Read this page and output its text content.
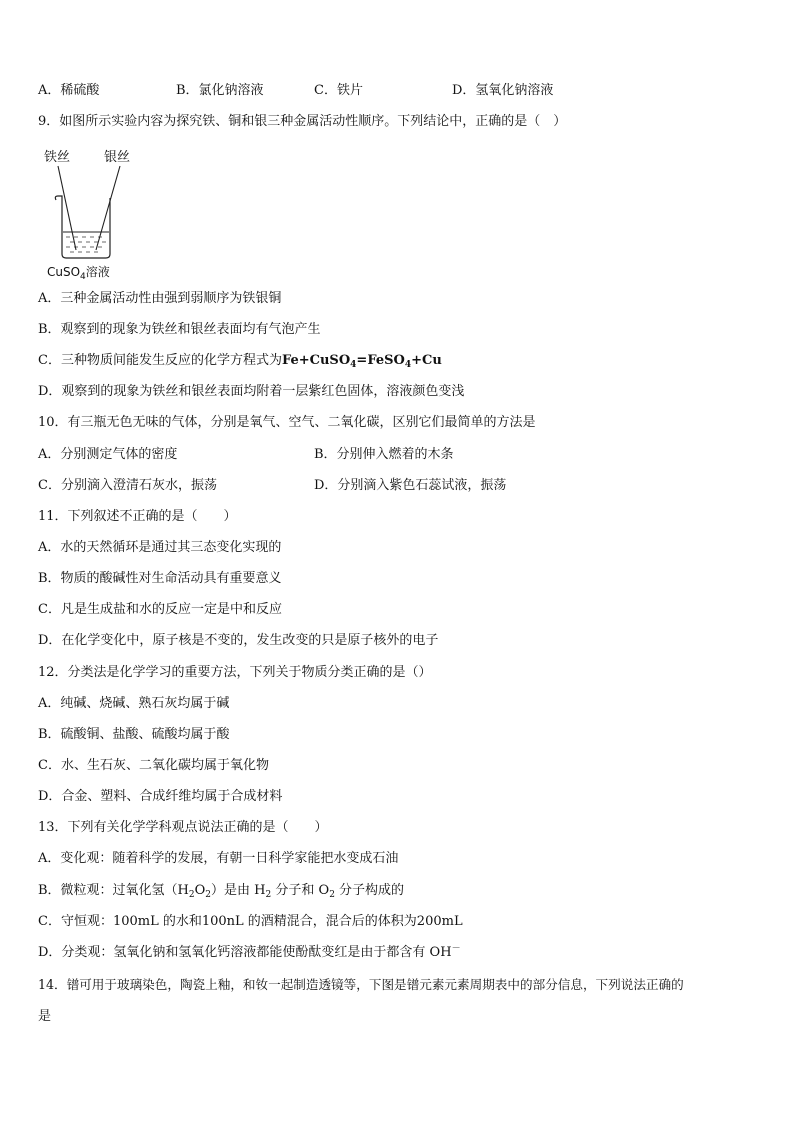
A．稀硫酸	B．氯化钠溶液	C．铁片	D．氢氧化钠溶液
9．如图所示实验内容为探究铁、铜和银三种金属活动性顺序。下列结论中，正确的是（　）
铁丝	银丝
CuSO$_4$溶液
A．三种金属活动性由强到弱顺序为铁银铜
B．观察到的现象为铁丝和银丝表面均有气泡产生
C．三种物质间能发生反应的化学方程式为Fe+CuSO$_4$=FeSO$_4$+Cu
D．观察到的现象为铁丝和银丝表面均附着一层紫红色固体，溶液颜色变浅
10．有三瓶无色无味的气体，分别是氧气、空气、二氧化碳，区别它们最简单的方法是
A．分别测定气体的密度	B．分别伸入燃着的木条
C．分别滴入澄清石灰水，振荡	D．分别滴入紫色石蕊试液，振荡
11．下列叙述不正确的是（　　）
A．水的天然循环是通过其三态变化实现的
B．物质的酸碱性对生命活动具有重要意义
C．凡是生成盐和水的反应一定是中和反应
D．在化学变化中，原子核是不变的，发生改变的只是原子核外的电子
12．分类法是化学学习的重要方法，下列关于物质分类正确的是（）
A．纯碱、烧碱、熟石灰均属于碱
B．硫酸铜、盐酸、硫酸均属于酸
C．水、生石灰、二氧化碳均属于氧化物
D．合金、塑料、合成纤维均属于合成材料
13．下列有关化学学科观点说法正确的是（　　）
A．变化观：随着科学的发展，有朝一日科学家能把水变成石油
B．微粒观：过氧化氢$(H_2O_2)$是由 $H_2$ 分子和 $O_2$ 分子构成的
C．守恒观：100mL 的水和100nL 的酒精混合，混合后的体积为200mL
D．分类观：氢氧化钠和氢氧化钙溶液都能使酚酞变红是由于都含有 OH－
14．镨可用于玻璃染色，陶瓷上釉，和钕一起制造透镜等，下图是镨元素元素周期表中的部分信息，下列说法正确的
是
